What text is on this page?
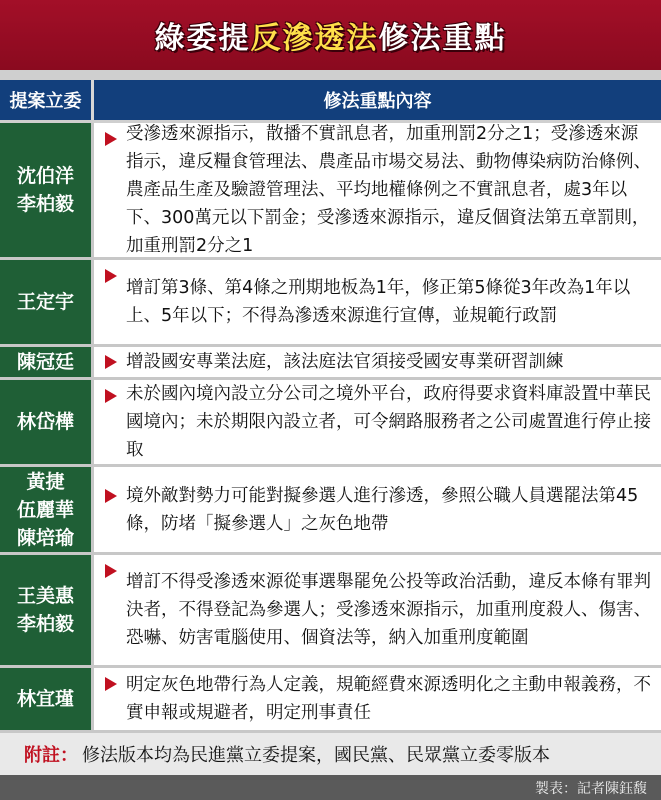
綠委提反滲透法修法重點
提案立委	修法重點內容
沈伯洋
李柏毅
受滲透來源指示，散播不實訊息者，加重刑罰2分之1；受滲透來源指示，違反糧食管理法、農產品市場交易法、動物傳染病防治條例、農產品生產及驗證管理法、平均地權條例之不實訊息者，處3年以下、300萬元以下罰金；受滲透來源指示，違反個資法第五章罰則，加重刑罰2分之1
王定宇
增訂第3條、第4條之刑期地板為1年，修正第5條從3年改為1年以上、5年以下；不得為滲透來源進行宣傳，並規範行政罰
陳冠廷	增設國安專業法庭，該法庭法官須接受國安專業研習訓練
林岱樺
未於國內境內設立分公司之境外平台，政府得要求資料庫設置中華民國境內；未於期限內設立者，可令網路服務者之公司處置進行停止接取
黃捷
伍麗華
陳培瑜
境外敵對勢力可能對擬參選人進行滲透，參照公職人員選罷法第45條，防堵「擬參選人」之灰色地帶
王美惠
李柏毅
增訂不得受滲透來源從事選舉罷免公投等政治活動，違反本條有罪判決者，不得登記為參選人；受滲透來源指示，加重刑度殺人、傷害、恐嚇、妨害電腦使用、個資法等，納入加重刑度範圍
林宜瑾
明定灰色地帶行為人定義，規範經費來源透明化之主動申報義務，不實申報或規避者，明定刑事責任
附註： 修法版本均為民進黨立委提案，國民黨、民眾黨立委零版本
製表：記者陳鈺馥
